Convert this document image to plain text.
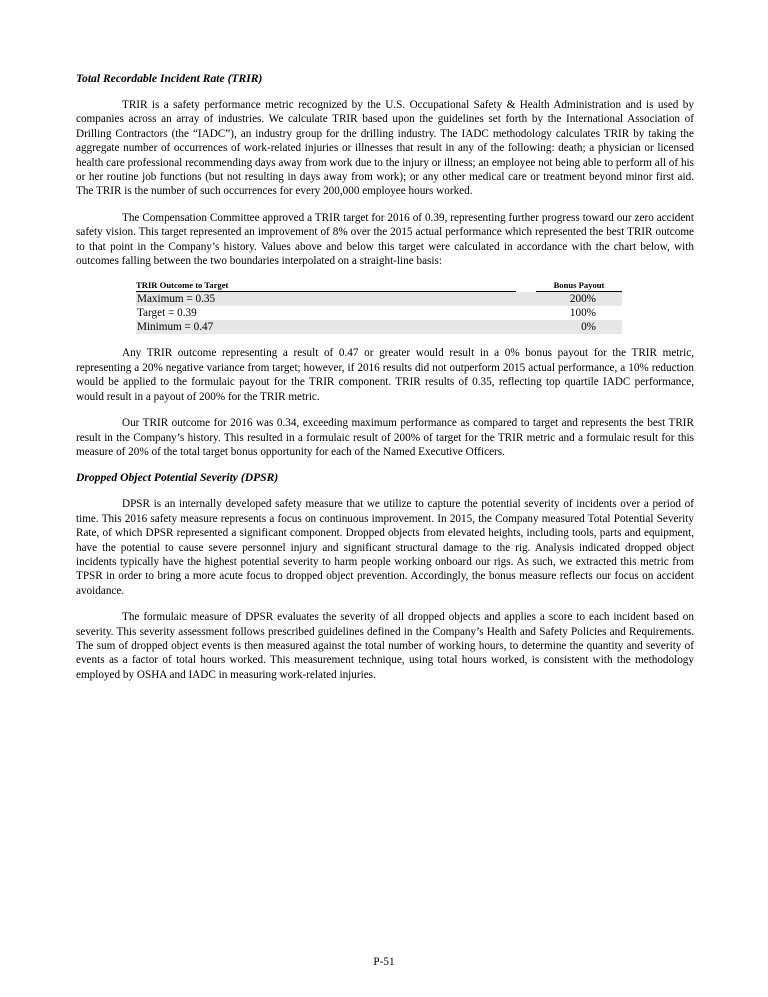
Total Recordable Incident Rate (TRIR)

TRIR is a safety performance metric recognized by the U.S. Occupational Safety & Health Administration and is used by companies across an array of industries. We calculate TRIR based upon the guidelines set forth by the International Association of Drilling Contractors (the “IADC”), an industry group for the drilling industry. The IADC methodology calculates TRIR by taking the aggregate number of occurrences of work-related injuries or illnesses that result in any of the following: death; a physician or licensed health care professional recommending days away from work due to the injury or illness; an employee not being able to perform all of his or her routine job functions (but not resulting in days away from work); or any other medical care or treatment beyond minor first aid. The TRIR is the number of such occurrences for every 200,000 employee hours worked.

The Compensation Committee approved a TRIR target for 2016 of 0.39, representing further progress toward our zero accident safety vision. This target represented an improvement of 8% over the 2015 actual performance which represented the best TRIR outcome to that point in the Company’s history. Values above and below this target were calculated in accordance with the chart below, with outcomes falling between the two boundaries interpolated on a straight-line basis:

TRIR Outcome to Target	Bonus Payout
Maximum = 0.35	200%
Target = 0.39	100%
Minimum = 0.47	0%

Any TRIR outcome representing a result of 0.47 or greater would result in a 0% bonus payout for the TRIR metric, representing a 20% negative variance from target; however, if 2016 results did not outperform 2015 actual performance, a 10% reduction would be applied to the formulaic payout for the TRIR component. TRIR results of 0.35, reflecting top quartile IADC performance, would result in a payout of 200% for the TRIR metric.

Our TRIR outcome for 2016 was 0.34, exceeding maximum performance as compared to target and represents the best TRIR result in the Company’s history. This resulted in a formulaic result of 200% of target for the TRIR metric and a formulaic result for this measure of 20% of the total target bonus opportunity for each of the Named Executive Officers.

Dropped Object Potential Severity (DPSR)

DPSR is an internally developed safety measure that we utilize to capture the potential severity of incidents over a period of time. This 2016 safety measure represents a focus on continuous improvement. In 2015, the Company measured Total Potential Severity Rate, of which DPSR represented a significant component. Dropped objects from elevated heights, including tools, parts and equipment, have the potential to cause severe personnel injury and significant structural damage to the rig. Analysis indicated dropped object incidents typically have the highest potential severity to harm people working onboard our rigs. As such, we extracted this metric from TPSR in order to bring a more acute focus to dropped object prevention. Accordingly, the bonus measure reflects our focus on accident avoidance.

The formulaic measure of DPSR evaluates the severity of all dropped objects and applies a score to each incident based on severity. This severity assessment follows prescribed guidelines defined in the Company’s Health and Safety Policies and Requirements. The sum of dropped object events is then measured against the total number of working hours, to determine the quantity and severity of events as a factor of total hours worked. This measurement technique, using total hours worked, is consistent with the methodology employed by OSHA and IADC in measuring work-related injuries.

P-51
